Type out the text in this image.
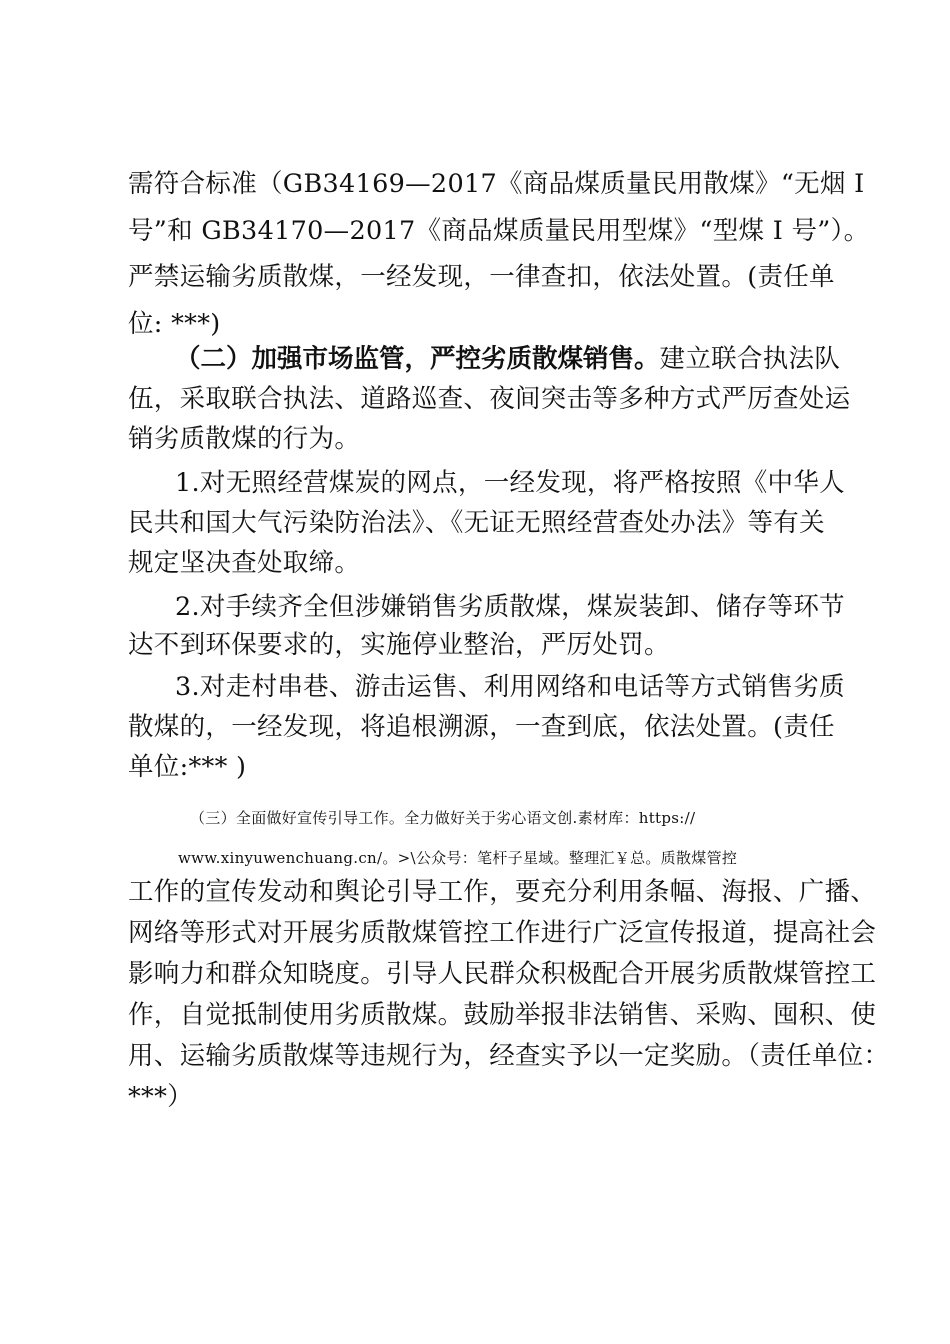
需符合标准（GB34169—2017《商品煤质量民用散煤》“无烟 I
号”和 GB34170—2017《商品煤质量民用型煤》“型煤 I 号”）。
严禁运输劣质散煤，一经发现，一律查扣，依法处置。(责任单
位: ***)
（二）加强市场监管，严控劣质散煤销售。建立联合执法队
伍，采取联合执法、道路巡查、夜间突击等多种方式严厉查处运
销劣质散煤的行为。
1.对无照经营煤炭的网点，一经发现，将严格按照《中华人
民共和国大气污染防治法》、《无证无照经营查处办法》等有关
规定坚决查处取缔。
2.对手续齐全但涉嫌销售劣质散煤，煤炭装卸、储存等环节
达不到环保要求的，实施停业整治，严厉处罚。
3.对走村串巷、游击运售、利用网络和电话等方式销售劣质
散煤的，一经发现，将追根溯源，一查到底，依法处置。(责任
单位:*** )
（三）全面做好宣传引导工作。全力做好关于劣心语文创.素材库：https://
www.xinyuwenchuang.cn/。>\公众号：笔杆子星域。整理汇￥总。质散煤管控
工作的宣传发动和舆论引导工作，要充分利用条幅、海报、广播、
网络等形式对开展劣质散煤管控工作进行广泛宣传报道，提高社会
影响力和群众知晓度。引导人民群众积极配合开展劣质散煤管控工
作，自觉抵制使用劣质散煤。鼓励举报非法销售、采购、囤积、使
用、运输劣质散煤等违规行为，经查实予以一定奖励。（责任单位：
***）
